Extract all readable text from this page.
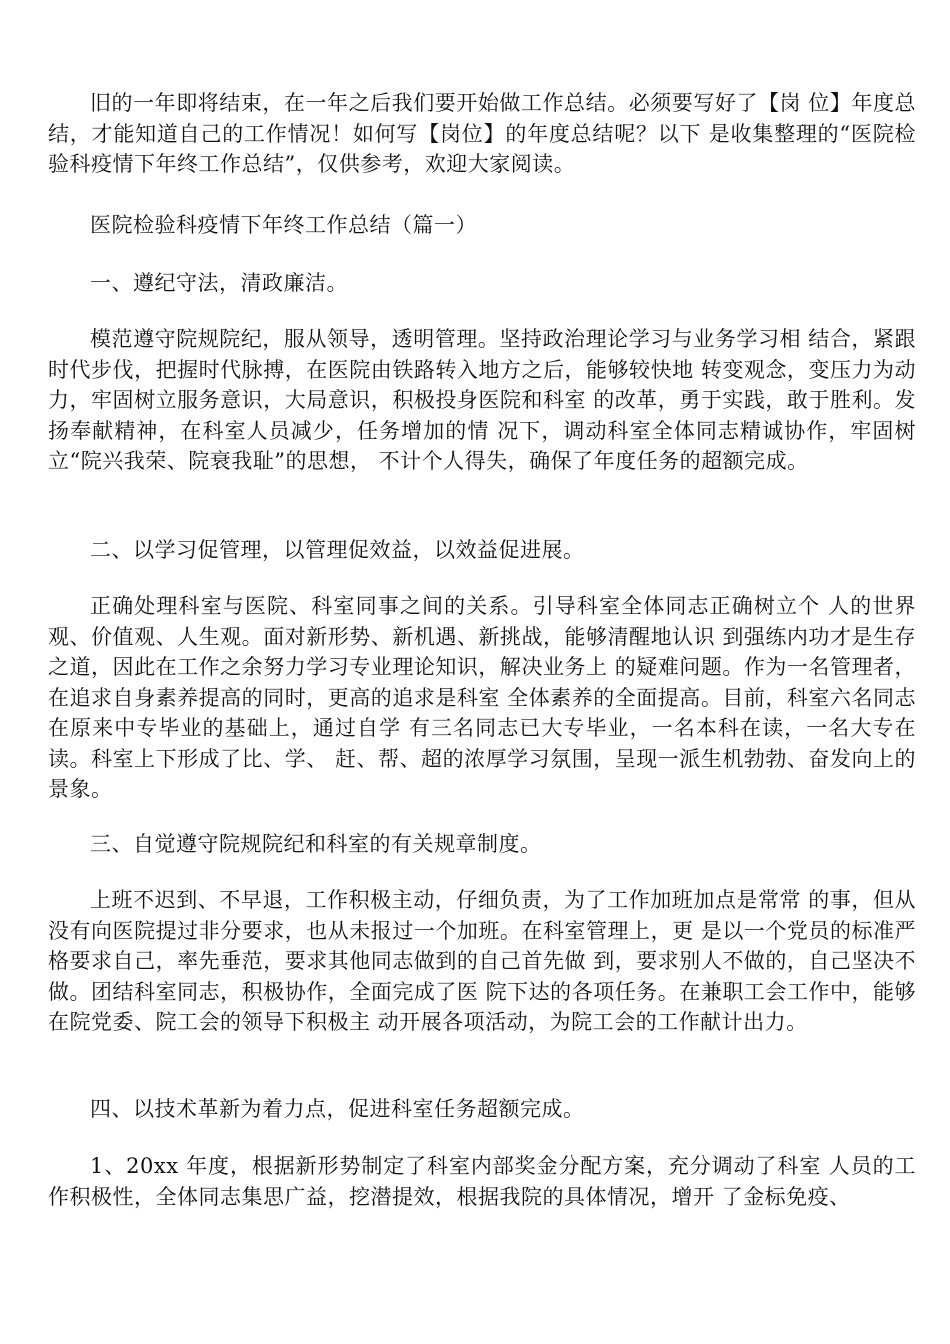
旧的一年即将结束，在一年之后我们要开始做工作总结。必须要写好了【岗 位】年度总结，才能知道自己的工作情况！如何写【岗位】的年度总结呢？以下 是收集整理的“医院检验科疫情下年终工作总结”，仅供参考，欢迎大家阅读。

医院检验科疫情下年终工作总结（篇一）

一、遵纪守法，清政廉洁。

模范遵守院规院纪，服从领导，透明管理。坚持政治理论学习与业务学习相 结合，紧跟时代步伐，把握时代脉搏，在医院由铁路转入地方之后，能够较快地 转变观念，变压力为动力，牢固树立服务意识，大局意识，积极投身医院和科室 的改革，勇于实践，敢于胜利。发扬奉献精神，在科室人员减少，任务增加的情 况下，调动科室全体同志精诚协作，牢固树立“院兴我荣、院衰我耻”的思想， 不计个人得失，确保了年度任务的超额完成。

二、以学习促管理，以管理促效益，以效益促进展。

正确处理科室与医院、科室同事之间的关系。引导科室全体同志正确树立个 人的世界观、价值观、人生观。面对新形势、新机遇、新挑战，能够清醒地认识 到强练内功才是生存之道，因此在工作之余努力学习专业理论知识，解决业务上 的疑难问题。作为一名管理者，在追求自身素养提高的同时，更高的追求是科室 全体素养的全面提高。目前，科室六名同志在原来中专毕业的基础上，通过自学 有三名同志已大专毕业，一名本科在读，一名大专在读。科室上下形成了比、学、 赶、帮、超的浓厚学习氛围，呈现一派生机勃勃、奋发向上的景象。

三、自觉遵守院规院纪和科室的有关规章制度。

上班不迟到、不早退，工作积极主动，仔细负责，为了工作加班加点是常常 的事，但从没有向医院提过非分要求，也从未报过一个加班。在科室管理上，更 是以一个党员的标准严格要求自己，率先垂范，要求其他同志做到的自己首先做 到，要求别人不做的，自己坚决不做。团结科室同志，积极协作，全面完成了医 院下达的各项任务。在兼职工会工作中，能够在院党委、院工会的领导下积极主 动开展各项活动，为院工会的工作献计出力。

四、以技术革新为着力点，促进科室任务超额完成。

1、20xx 年度，根据新形势制定了科室内部奖金分配方案，充分调动了科室 人员的工作积极性，全体同志集思广益，挖潜提效，根据我院的具体情况，增开 了金标免疫、
